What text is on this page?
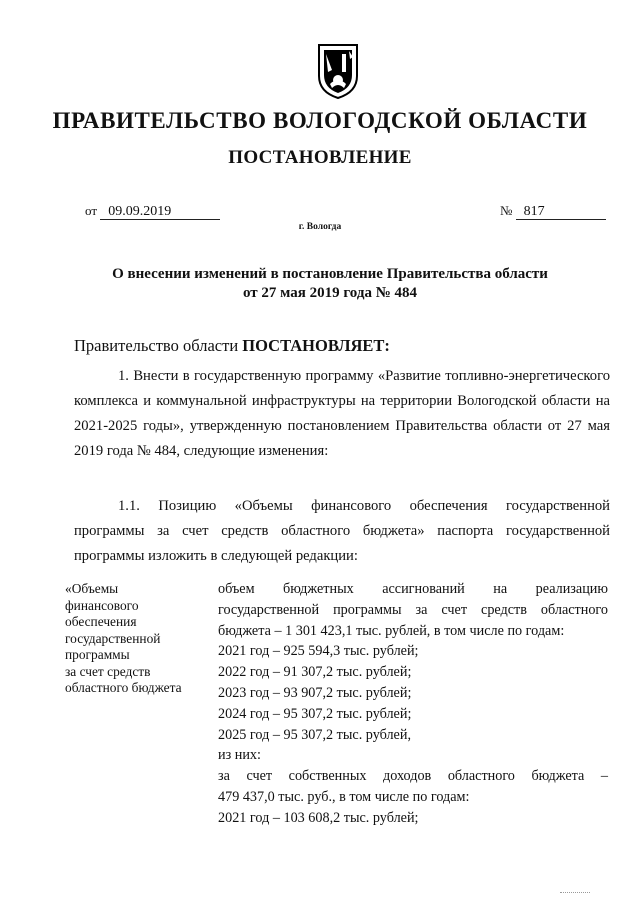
ПРАВИТЕЛЬСТВО ВОЛОГОДСКОЙ ОБЛАСТИ
ПОСТАНОВЛЕНИЕ
от 09.09.2019	№ 817
г. Вологда
О внесении изменений в постановление Правительства области
от 27 мая 2019 года № 484
Правительство области ПОСТАНОВЛЯЕТ:

1. Внести в государственную программу «Развитие топливно-энергетического комплекса и коммунальной инфраструктуры на территории Вологодской области на 2021-2025 годы», утвержденную постановлением Правительства области от 27 мая 2019 года № 484, следующие изменения:

1.1. Позицию «Объемы финансового обеспечения государственной программы за счет средств областного бюджета» паспорта государственной программы изложить в следующей редакции:

«Объемы
финансового
обеспечения
государственной
программы
за счет средств
областного бюджета
объем бюджетных ассигнований на реализацию
государственной программы за счет средств областного
бюджета – 1 301 423,1 тыс. рублей, в том числе по годам:
2021 год – 925 594,3 тыс. рублей;
2022 год – 91 307,2 тыс. рублей;
2023 год – 93 907,2 тыс. рублей;
2024 год – 95 307,2 тыс. рублей;
2025 год – 95 307,2 тыс. рублей,
из них:
за счет собственных доходов областного бюджета –
479 437,0 тыс. руб., в том числе по годам:
2021 год – 103 608,2 тыс. рублей;
